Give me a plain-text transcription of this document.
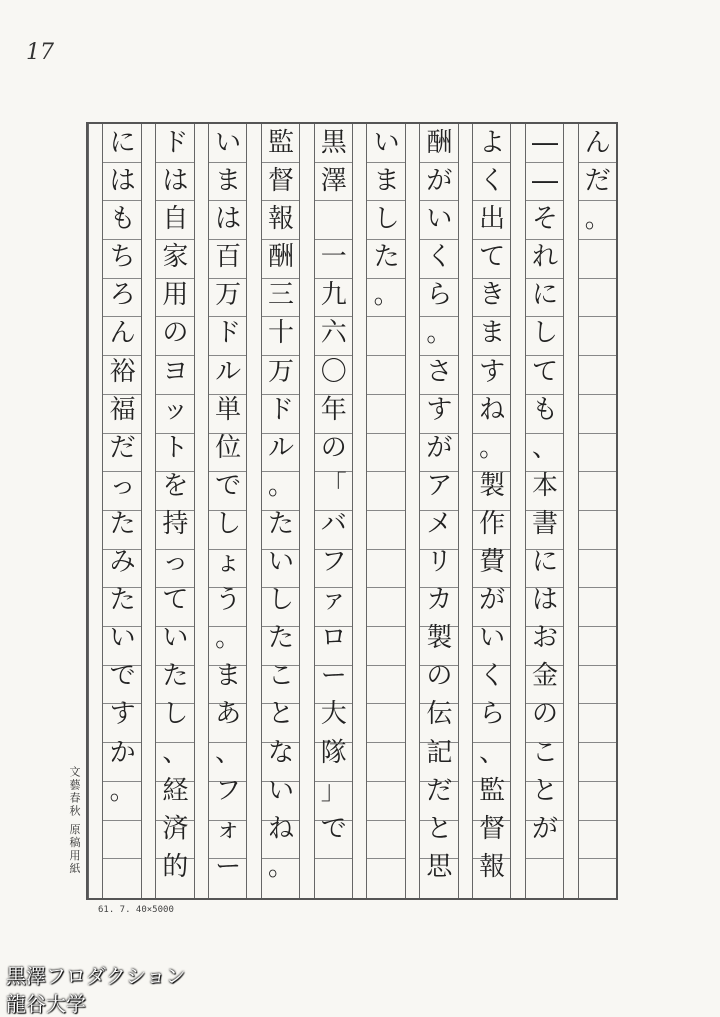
17
ん
だ
。
―
―
そ
れ
に
し
て
も
、
本
書
に
は
お
金
の
こ
と
が
よ
く
出
て
き
ま
す
ね
。
製
作
費
が
い
く
ら
、
監
督
報
酬
が
い
く
ら
。
さ
す
が
ア
メ
リ
カ
製
の
伝
記
だ
と
思
い
ま
し
た
。
黒
澤
一
九
六
〇
年
の
「
バ
フ
ァ
ロ
ー
大
隊
」
で
監
督
報
酬
三
十
万
ド
ル
。
た
い
し
た
こ
と
な
い
ね
。
い
ま
は
百
万
ド
ル
単
位
で
し
ょ
う
。
ま
あ
、
フ
ォ
ー
ド
は
自
家
用
の
ヨ
ッ
ト
を
持
っ
て
い
た
し
、
経
済
的
に
は
も
ち
ろ
ん
裕
福
だ
っ
た
み
た
い
で
す
か
。
文藝春秋 原稿用紙
61. 7. 40×5000
黒澤フロダクション
龍谷大学
